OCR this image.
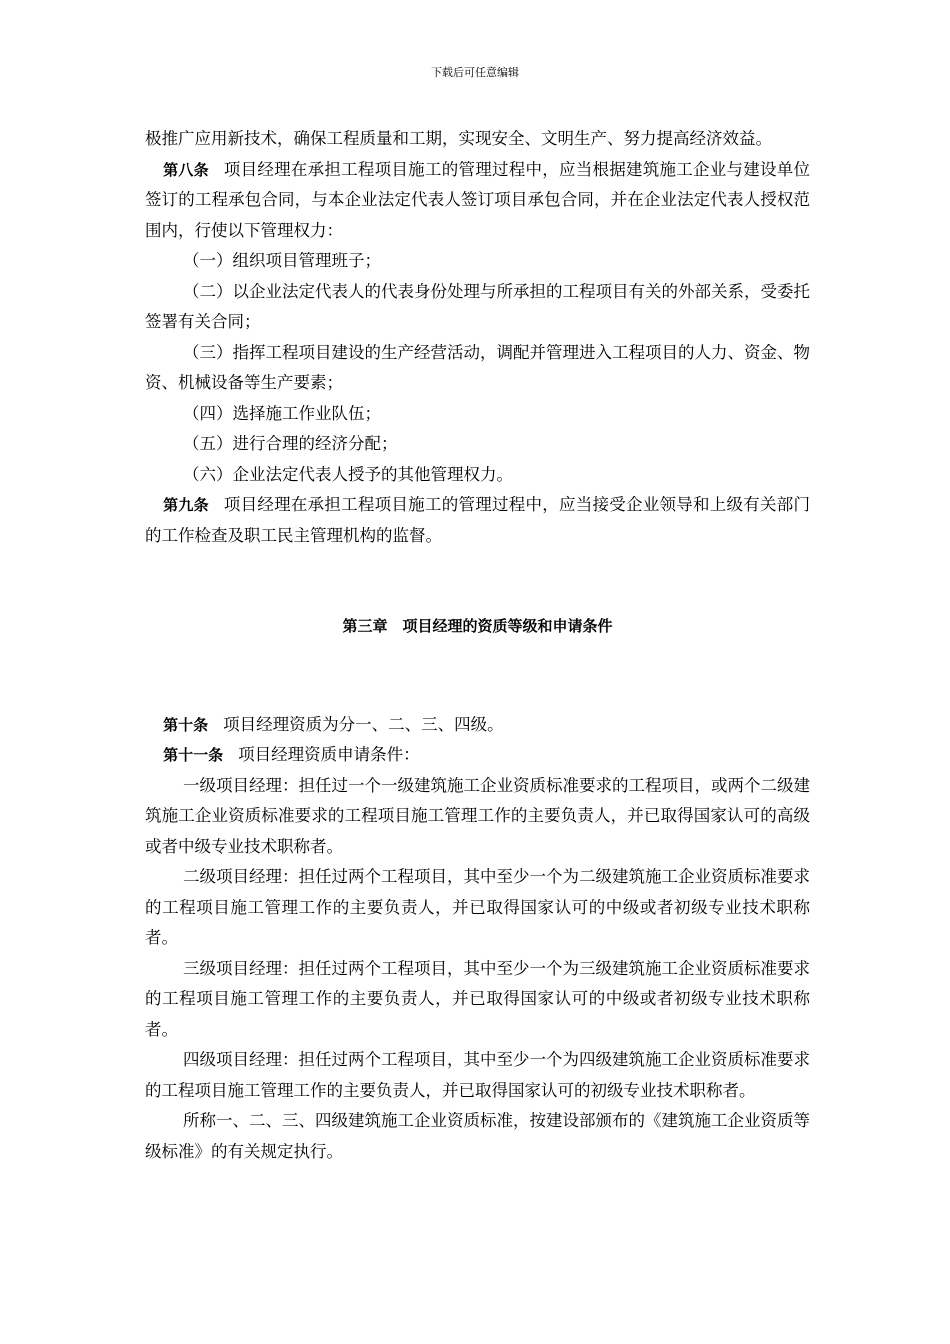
下载后可任意编辑

极推广应用新技术，确保工程质量和工期，实现安全、文明生产、努力提高经济效益。

第八条 项目经理在承担工程项目施工的管理过程中，应当根据建筑施工企业与建设单位签订的工程承包合同，与本企业法定代表人签订项目承包合同，并在企业法定代表人授权范围内，行使以下管理权力：

（一）组织项目管理班子；

（二）以企业法定代表人的代表身份处理与所承担的工程项目有关的外部关系，受委托签署有关合同；

（三）指挥工程项目建设的生产经营活动，调配并管理进入工程项目的人力、资金、物资、机械设备等生产要素；

（四）选择施工作业队伍；

（五）进行合理的经济分配；

（六）企业法定代表人授予的其他管理权力。

第九条 项目经理在承担工程项目施工的管理过程中，应当接受企业领导和上级有关部门的工作检查及职工民主管理机构的监督。

第三章　项目经理的资质等级和申请条件

第十条 项目经理资质为分一、二、三、四级。

第十一条 项目经理资质申请条件：

一级项目经理：担任过一个一级建筑施工企业资质标准要求的工程项目，或两个二级建筑施工企业资质标准要求的工程项目施工管理工作的主要负责人，并已取得国家认可的高级或者中级专业技术职称者。

二级项目经理：担任过两个工程项目，其中至少一个为二级建筑施工企业资质标准要求的工程项目施工管理工作的主要负责人，并已取得国家认可的中级或者初级专业技术职称者。

三级项目经理：担任过两个工程项目，其中至少一个为三级建筑施工企业资质标准要求的工程项目施工管理工作的主要负责人，并已取得国家认可的中级或者初级专业技术职称者。

四级项目经理：担任过两个工程项目，其中至少一个为四级建筑施工企业资质标准要求的工程项目施工管理工作的主要负责人，并已取得国家认可的初级专业技术职称者。

所称一、二、三、四级建筑施工企业资质标准，按建设部颁布的《建筑施工企业资质等级标准》的有关规定执行。
